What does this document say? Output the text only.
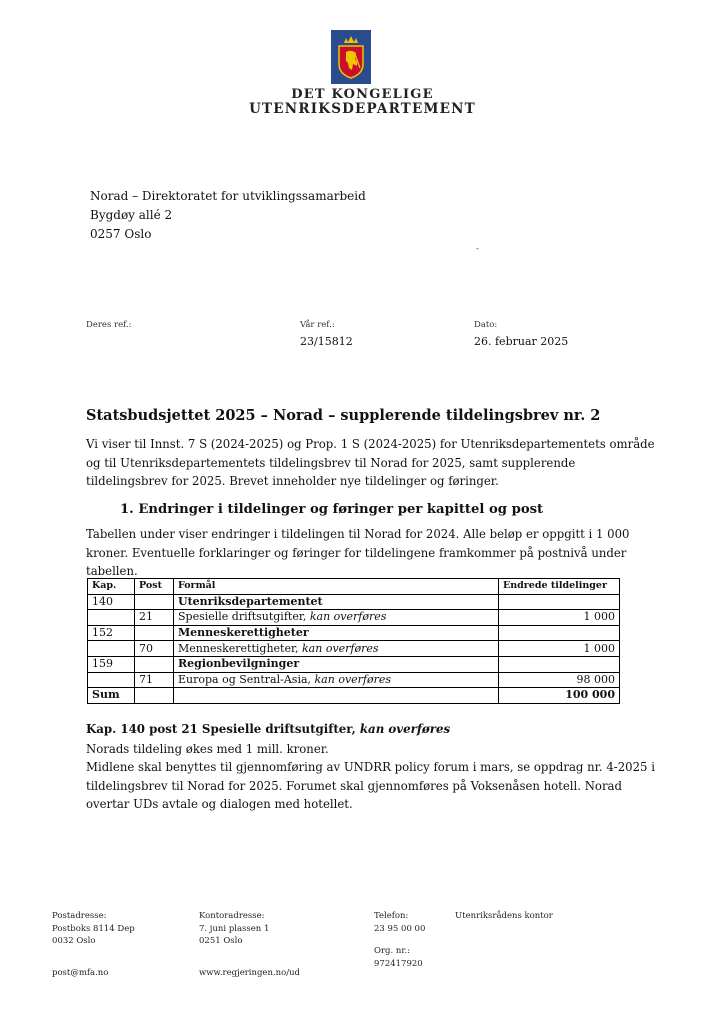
DET KONGELIGE
UTENRIKSDEPARTEMENT
Norad – Direktoratet for utviklingssamarbeid
Bygdøy allé 2
0257 Oslo
-
Deres ref.:	Vår ref.:
23/15812
Dato:
26. februar 2025
Statsbudsjettet 2025 – Norad – supplerende tildelingsbrev nr. 2
Vi viser til Innst. 7 S (2024-2025) og Prop. 1 S (2024-2025) for Utenriksdepartementets område og til Utenriksdepartementets tildelingsbrev til Norad for 2025, samt supplerende tildelingsbrev for 2025. Brevet inneholder nye tildelinger og føringer.
1. Endringer i tildelinger og føringer per kapittel og post
Tabellen under viser endringer i tildelingen til Norad for 2024. Alle beløp er oppgitt i 1 000 kroner. Eventuelle forklaringer og føringer for tildelingene framkommer på postnivå under tabellen.
Kap.	Post	Formål	Endrede tildelinger
140		Utenriksdepartementet	
	21	Spesielle driftsutgifter, kan overføres	1 000
152		Menneskerettigheter	
	70	Menneskerettigheter, kan overføres	1 000
159		Regionbevilgninger	
	71	Europa og Sentral-Asia, kan overføres	98 000
Sum			100 000
Kap. 140 post 21 Spesielle driftsutgifter, kan overføres
Norads tildeling økes med 1 mill. kroner.
Midlene skal benyttes til gjennomføring av UNDRR policy forum i mars, se oppdrag nr. 4-2025 i tildelingsbrev til Norad for 2025. Forumet skal gjennomføres på Voksenåsen hotell. Norad overtar UDs avtale og dialogen med hotellet.
Postadresse:
Postboks 8114 Dep
0032 Oslo
post@mfa.no
Kontoradresse:
7. juni plassen 1
0251 Oslo
www.regjeringen.no/ud
Telefon:
23 95 00 00
Org. nr.:
972417920
Utenriksrådens kontor
